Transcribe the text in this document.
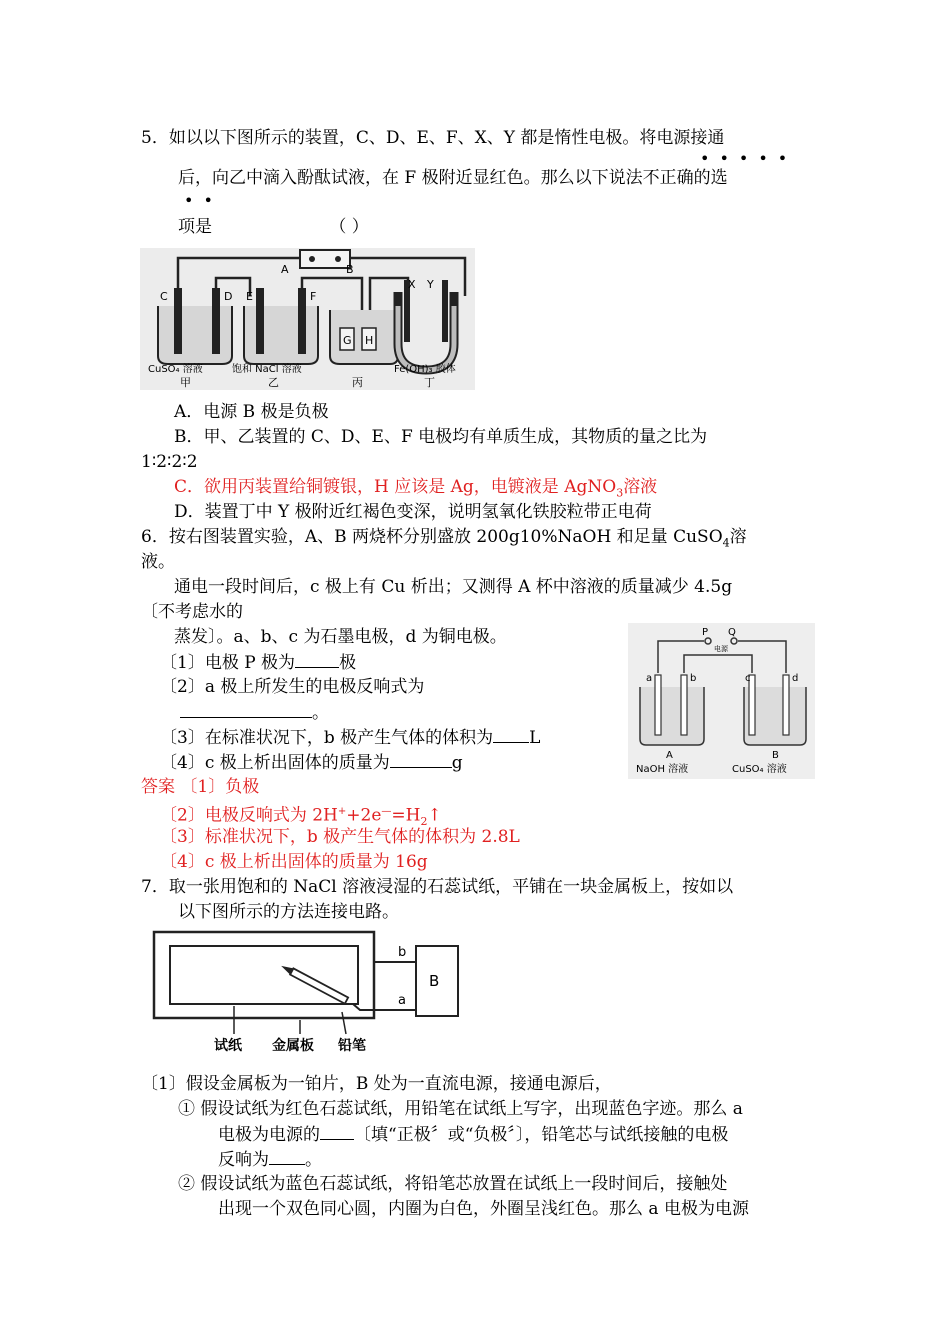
5．如以以下图所示的装置，C、D、E、F、X、Y 都是惰性电极。将电源接通
•••••
后，向乙中滴入酚酞试液，在 F 极附近显红色。那么以下说法不正确的选
••
项是	（ ）
A	B
C	D E	F
G H
X Y
CuSO₄ 溶液	饱和 NaCl 溶液	Fe(OH)₃ 胶体
甲	乙	丙	丁
A．电源 B 极是负极
B．甲、乙装置的 C、D、E、F 电极均有单质生成，其物质的量之比为
1∶2∶2∶2
C．欲用丙装置给铜镀银，H 应该是 Ag，电镀液是 AgNO$_3$溶液
D．装置丁中 Y 极附近红褐色变深，说明氢氧化铁胶粒带正电荷
6．按右图装置实验，A、B 两烧杯分别盛放 200g10%NaOH 和足量 CuSO$_4$溶
液。
通电一段时间后，c 极上有 Cu 析出；又测得 A 杯中溶液的质量减少 4.5g
〔不考虑水的
蒸发〕。a、b、c 为石墨电极，d 为铜电极。
〔1〕电极 P 极为	极
〔2〕a 极上所发生的电极反响式为
。
〔3〕在标准状况下，b 极产生气体的体积为 L
〔4〕c 极上析出固体的质量为	g
P Q
电源
a	b	c	d
A	B
NaOH 溶液	CuSO₄ 溶液
答案 〔1〕负极
〔2〕电极反响式为 $2H^++2e^—=H_2↑$
〔3〕标准状况下，b 极产生气体的体积为 2.8L
〔4〕c 极上析出固体的质量为 16g
7．取一张用饱和的 NaCl 溶液浸湿的石蕊试纸，平铺在一块金属板上，按如以
以下图所示的方法连接电路。
B
b
a
试纸 金属板 铅笔
〔1〕假设金属板为一铂片，B 处为一直流电源，接通电源后，
① 假设试纸为红色石蕊试纸，用铅笔在试纸上写字，出现蓝色字迹。那么 a
电极为电源的 〔填“正极〞或“负极〞〕，铅笔芯与试纸接触的电极
反响为 。
② 假设试纸为蓝色石蕊试纸，将铅笔芯放置在试纸上一段时间后，接触处
出现一个双色同心圆，内圈为白色，外圈呈浅红色。那么 a 电极为电源
